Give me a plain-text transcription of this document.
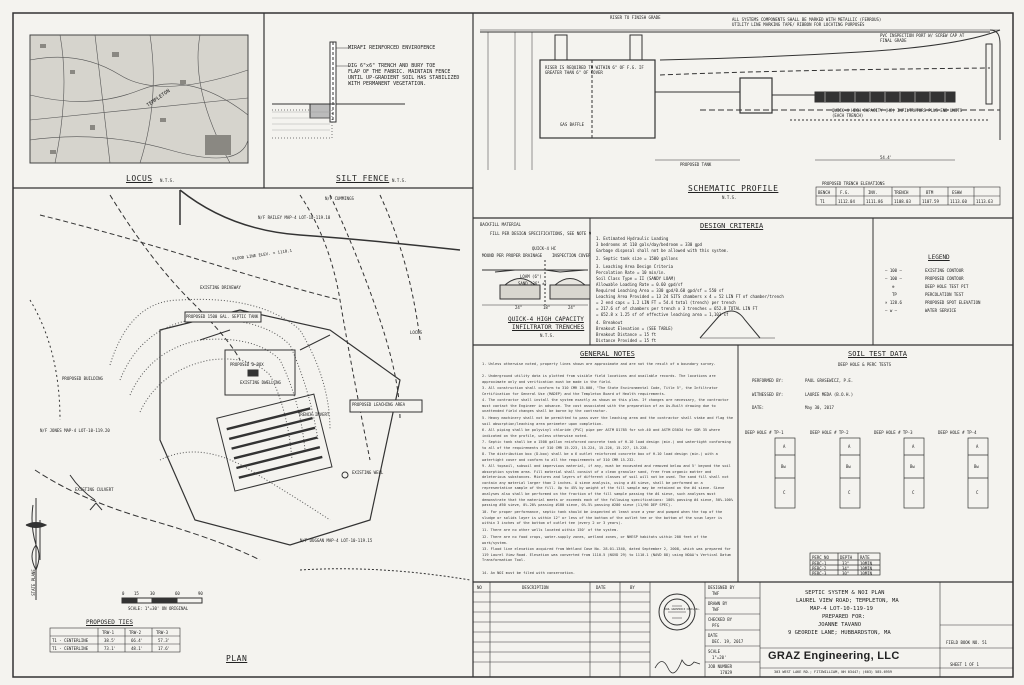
TEMPLETON
LOCUS N.T.S.
MIRAFI REINFORCED ENVIROFENCE
DIG 6"x6" TRENCH AND BURY TOE
FLAP OF THE FABRIC. MAINTAIN FENCE
UNTIL UP-GRADIENT SOIL HAS STABILIZED
WITH PERMANENT VEGETATION.
SILT FENCE N.T.S.
RISER TO FINISH GRADE	ALL SYSTEMS COMPONENTS SHALL BE MARKED WITH METALLIC (FERROUS) UTILITY LINE MARKING TAPE/ RIBBON FOR LOCATING PURPOSES
PVC INSPECTION PORT W/ SCREW CAP AT FINAL GRADE
RISER IS REQUIRED TO WITHIN 6" OF F.G. IF GREATER THAN 6" OF COVER
GAS BAFFLE
QUICK-4 HIGH CAPACITY (HC) INFILTRATORS PLUS END UNITS (EACH TRENCH)
PROPOSED TANK
54.4'
SCHEMATIC PROFILE
N.T.S.
PROPOSED TRENCH ELEVATIONS
BENCH F.G.	INV.	TRENCH	BTM	ESHW
T1	1112.04	1111.86	1108.03	1107.59	1113.60 1113.63
BACKFILL MATERIAL
FILL PER DESIGN SPECIFICATIONS, SEE NOTE 9
MOUND PER PROPER DRAINAGE
QUICK-4 HC
INSPECTION COVER
LOAM (6")
SAND (36" ±)
24"	18"	24"
QUICK-4 HIGH CAPACITY
INFILTRATOR TRENCHES
N.T.S.
DESIGN CRITERIA
1. Estimated Hydraulic Loading
3 bedrooms at 110 gals/day/bedroom = 330 gpd
Garbage disposal shall not be allowed with this system.
2. Septic tank size = 1500 gallons
3. Leaching Area Design Criteria
Percolation Rate = 10 min/in.
Soil Class Type = II (SANDY LOAM)
Allowable Loading Rate = 0.60 gpd/sf
Required Leaching Area = 330 gpd/0.60 gpd/sf = 550 sf
Leaching Area Provided = 13 24 SITS chambers x 4 = 52 LIN FT of chamber/trench
= 2 end caps = 1.2 LIN FT = 54.4 total (trench) per trench
= 217.6 sf of chambers per trench x 3 trenches = 652.8 TOTAL LIN FT
= 652.8 x 1.25 sf of effective leaching area = 1,101 sf
4. Breakout
Breakout Elevation = (SEE TABLE)
Breakout Distance = 15 ft
Distance Provided = 15 ft
LEGEND
— 100 —	EXISTING CONTOUR
— 100 —	PROPOSED CONTOUR
⊕	DEEP HOLE TEST PIT
TP	PERCOLATION TEST
× 128.6	PROPOSED SPOT ELEVATION
— w —	WATER SERVICE
GENERAL NOTES
1. Unless otherwise noted, property lines shown are approximate and are not the result of a boundary survey.
2. Underground utility data is plotted from visible field locations and available records. The locations are approximate only and verification must be made in the field.
3. All construction shall conform to 310 CMR 15.000, "The State Environmental Code, Title 5", the Infiltrator Certification for General Use (MADEP) and the Templeton Board of Health requirements.
4. The contractor shall install the system exactly as shown on this plan. If changes are necessary, the contractor must contact the Engineer in advance. The cost associated with the preparation of an As-Built drawing due to unattended field changes shall be borne by the contractor.
5. Heavy machinery shall not be permitted to pass over the leaching area and the contractor shall stake and flag the soil absorption/leaching area perimeter upon completion.
6. All piping shall be polyvinyl chloride (PVC) pipe per ASTM D1785 for sch.40 and ASTM D3034 for SDR 35 where indicated on the profile, unless otherwise noted.
7. Septic tank shall be a 1500 gallon reinforced concrete tank of H-10 load design (min.) and watertight conforming to all of the requirements of 310 CMR 15.223, 15.224, 15.226, 15.227, 15.228.
8. The distribution box (D-box) shall be a 6 outlet reinforced concrete box of H-10 load design (min.) with a watertight cover and conform to all the requirements of 310 CMR 15.232.
9. All topsoil, subsoil and impervious material, if any, must be excavated and removed below and 5' beyond the soil absorption system area. Fill material shall consist of a clean granular sand, free from organic matter and deleterious substances. Mixtures and layers of different classes of soil will not be used. The sand fill shall not contain any material larger than 2 inches. A sieve analysis, using a #4 sieve, shall be performed on a representative sample of the fill. Up to 45% by weight of the fill sample may be retained on the #4 sieve. Sieve analyses also shall be performed on the fraction of the fill sample passing the #4 sieve, such analyses must demonstrate that the material meets or exceeds each of the following specifications: 100% passing #4 sieve, 50%-100% passing #50 sieve, 0%-20% passing #100 sieve, 0%-5% passing #200 sieve (11/96 DEP SPEC).
10. For proper performance, septic tank should be inspected at least once a year and pumped when the top of the sludge or solids layer is within 12" or less of the bottom of the outlet tee or the bottom of the scum layer is within 3 inches of the bottom of outlet tee (every 2 or 3 years).
11. There are no other wells located within 150' of the system.
12. There are no food crops, water-supply zones, wetland zones, or NHESP habitats within 200 feet of the work/system.
13. Flood line elevation acquired from Wetland Case No. 28-01-1340, dated September 2, 2008, which was prepared for 119 Laurel View Road. Elevation was converted from 1110.5 (NGVD 29) to 1110.1 (NAVD 88) using NOAA's Vertical Datum Transformation Tool.
14. An NOI must be filed with conservation.
SOIL TEST DATA
DEEP HOLE & PERC TESTS
PERFORMED BY:	PAUL GRASEWICZ, P.E.
WITNESSED BY:	LAURIE MEDA (B.O.H.)
DATE:	May 30, 2017
DEEP HOLE # TP-1	DEEP HOLE # TP-2	DEEP HOLE # TP-3	DEEP HOLE # TP-4
A
Bw
C
A
Bw
C
A
Bw
C
A
Bw
C
PERC NO	DEPTH RATE
PERC-1	33"	10MIN
PERC-2	34"	10MIN
PERC-3	30"	10MIN
N/F RAILEY MAP-4 LOT-10-119.18
N/F CUMMINGS
FLOOD LINE ELEV. = 1110.1
EXISTING DRIVEWAY
PROPOSED 1500 GAL. SEPTIC TANK
PROPOSED D-BOX
PROPOSED LEACHING AREA
EXISTING DWELLING
EXISTING CULVERT
EXISTING WELL
N/F DUGGAN MAP-4 LOT-10-119.15
N/F JONES MAP-4 LOT-10-119.20
TRENCH INVERT
PROPOSED BUILDING
LOCUS
STATE PLANE	0 15	30	60	90
SCALE: 1"=30' ON ORIGINAL
PROPOSED TIES
TRW-1	TRW-2	TRW-3
T1 - CENTERLINE	38.5'	66.4'	57.3'
T1 - CENTERLINE	73.1'	48.1'	17.6'
PLAN
NO	DESCRIPTION	DATE	BY	DESIGNED BY
TWF
DRAWN BY
TWF
CHECKED BY
PFG
DATE
DEC. 19, 2017
SCALE
1"=20'
JOB NUMBER
17029
SEPTIC SYSTEM & NOI PLAN
LAUREL VIEW ROAD; TEMPLETON, MA
MAP-4 LOT-10-119-19
PREPARED FOR:
JOANNE TAVANO
9 GEORDIE LANE; HUBBARDSTON, MA
GRAZ Engineering, LLC
303 WEST LAKE RD.; FITZWILLIAM, NH 03447; (603) 585-6959
FIELD BOOK NO. 51
SHEET 1 OF 1
PAUL GRASEWICZ CIVIL No.
